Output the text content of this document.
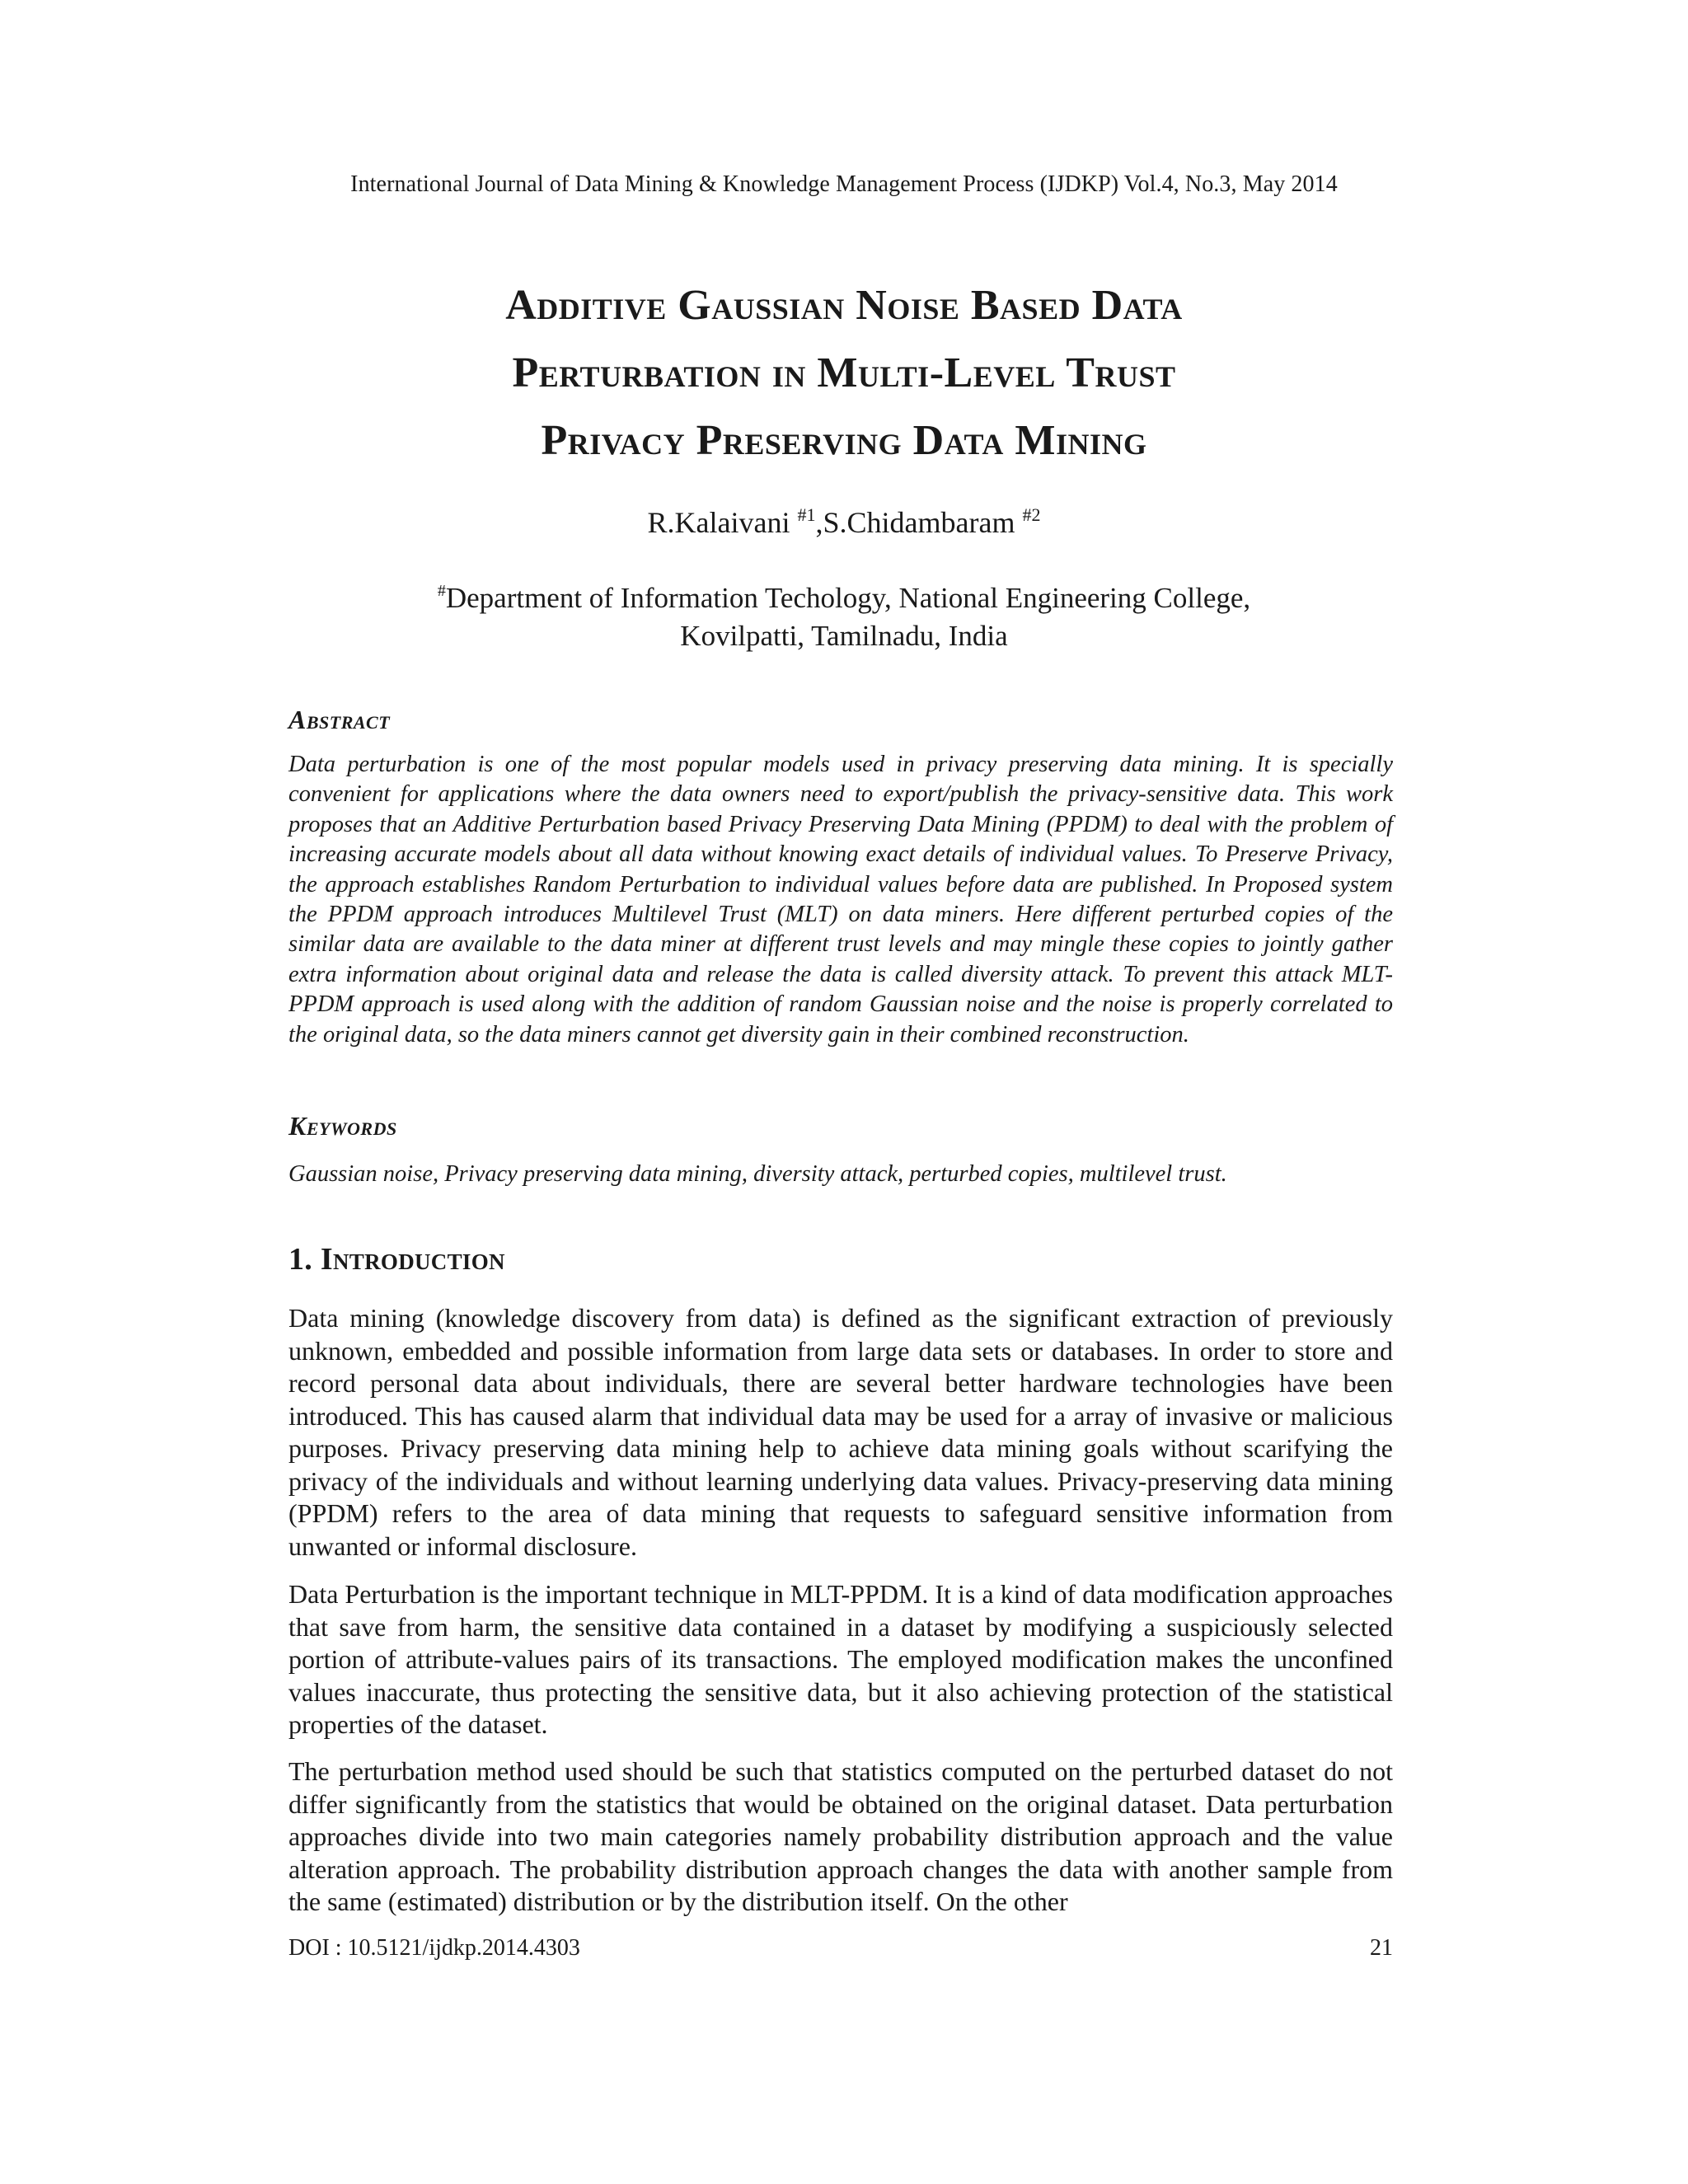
International Journal of Data Mining & Knowledge Management Process (IJDKP) Vol.4, No.3, May 2014
Additive Gaussian Noise Based Data
Perturbation in Multi-Level Trust
Privacy Preserving Data Mining
R.Kalaivani $^{\#1}$,S.Chidambaram $^{\#2}$
#Department of Information Techology, National Engineering College,
Kovilpatti, Tamilnadu, India
Abstract

Data perturbation is one of the most popular models used in privacy preserving data mining. It is specially convenient for applications where the data owners need to export/publish the privacy-sensitive data. This work proposes that an Additive Perturbation based Privacy Preserving Data Mining (PPDM) to deal with the problem of increasing accurate models about all data without knowing exact details of individual values. To Preserve Privacy, the approach establishes Random Perturbation to individual values before data are published. In Proposed system the PPDM approach introduces Multilevel Trust (MLT) on data miners. Here different perturbed copies of the similar data are available to the data miner at different trust levels and may mingle these copies to jointly gather extra information about original data and release the data is called diversity attack. To prevent this attack MLT-PPDM approach is used along with the addition of random Gaussian noise and the noise is properly correlated to the original data, so the data miners cannot get diversity gain in their combined reconstruction.

Keywords

Gaussian noise, Privacy preserving data mining, diversity attack, perturbed copies, multilevel trust.

1. Introduction

Data mining (knowledge discovery from data) is defined as the significant extraction of previously unknown, embedded and possible information from large data sets or databases. In order to store and record personal data about individuals, there are several better hardware technologies have been introduced. This has caused alarm that individual data may be used for a array of invasive or malicious purposes. Privacy preserving data mining help to achieve data mining goals without scarifying the privacy of the individuals and without learning underlying data values. Privacy-preserving data mining (PPDM) refers to the area of data mining that requests to safeguard sensitive information from unwanted or informal disclosure.

Data Perturbation is the important technique in MLT-PPDM. It is a kind of data modification approaches that save from harm, the sensitive data contained in a dataset by modifying a suspiciously selected portion of attribute-values pairs of its transactions. The employed modification makes the unconfined values inaccurate, thus protecting the sensitive data, but it also achieving protection of the statistical properties of the dataset.

The perturbation method used should be such that statistics computed on the perturbed dataset do not differ significantly from the statistics that would be obtained on the original dataset. Data perturbation approaches divide into two main categories namely probability distribution approach and the value alteration approach. The probability distribution approach changes the data with another sample from the same (estimated) distribution or by the distribution itself. On the other

DOI : 10.5121/ijdkp.2014.4303	21
